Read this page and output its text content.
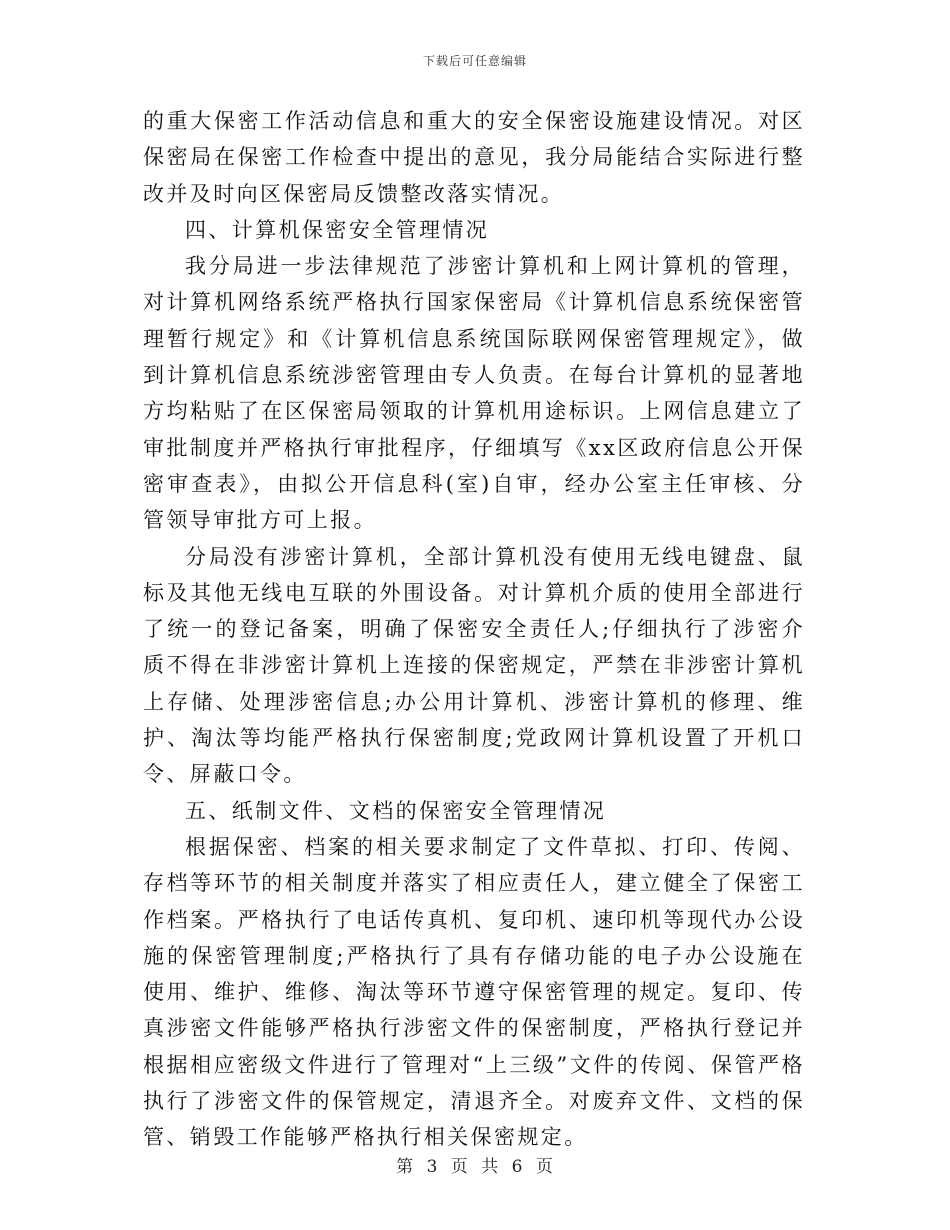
下载后可任意编辑

的重大保密工作活动信息和重大的安全保密设施建设情况。对区保密局在保密工作检查中提出的意见，我分局能结合实际进行整改并及时向区保密局反馈整改落实情况。

四、计算机保密安全管理情况

我分局进一步法律规范了涉密计算机和上网计算机的管理，对计算机网络系统严格执行国家保密局《计算机信息系统保密管理暂行规定》和《计算机信息系统国际联网保密管理规定》，做到计算机信息系统涉密管理由专人负责。在每台计算机的显著地方均粘贴了在区保密局领取的计算机用途标识。上网信息建立了审批制度并严格执行审批程序，仔细填写《xx区政府信息公开保密审查表》，由拟公开信息科(室)自审，经办公室主任审核、分管领导审批方可上报。

分局没有涉密计算机，全部计算机没有使用无线电键盘、鼠标及其他无线电互联的外围设备。对计算机介质的使用全部进行了统一的登记备案，明确了保密安全责任人;仔细执行了涉密介质不得在非涉密计算机上连接的保密规定，严禁在非涉密计算机上存储、处理涉密信息;办公用计算机、涉密计算机的修理、维护、淘汰等均能严格执行保密制度;党政网计算机设置了开机口令、屏蔽口令。

五、纸制文件、文档的保密安全管理情况

根据保密、档案的相关要求制定了文件草拟、打印、传阅、存档等环节的相关制度并落实了相应责任人，建立健全了保密工作档案。严格执行了电话传真机、复印机、速印机等现代办公设施的保密管理制度;严格执行了具有存储功能的电子办公设施在使用、维护、维修、淘汰等环节遵守保密管理的规定。复印、传真涉密文件能够严格执行涉密文件的保密制度，严格执行登记并根据相应密级文件进行了管理对“上三级”文件的传阅、保管严格执行了涉密文件的保管规定，清退齐全。对废弃文件、文档的保管、销毁工作能够严格执行相关保密规定。

第 3 页 共 6 页
